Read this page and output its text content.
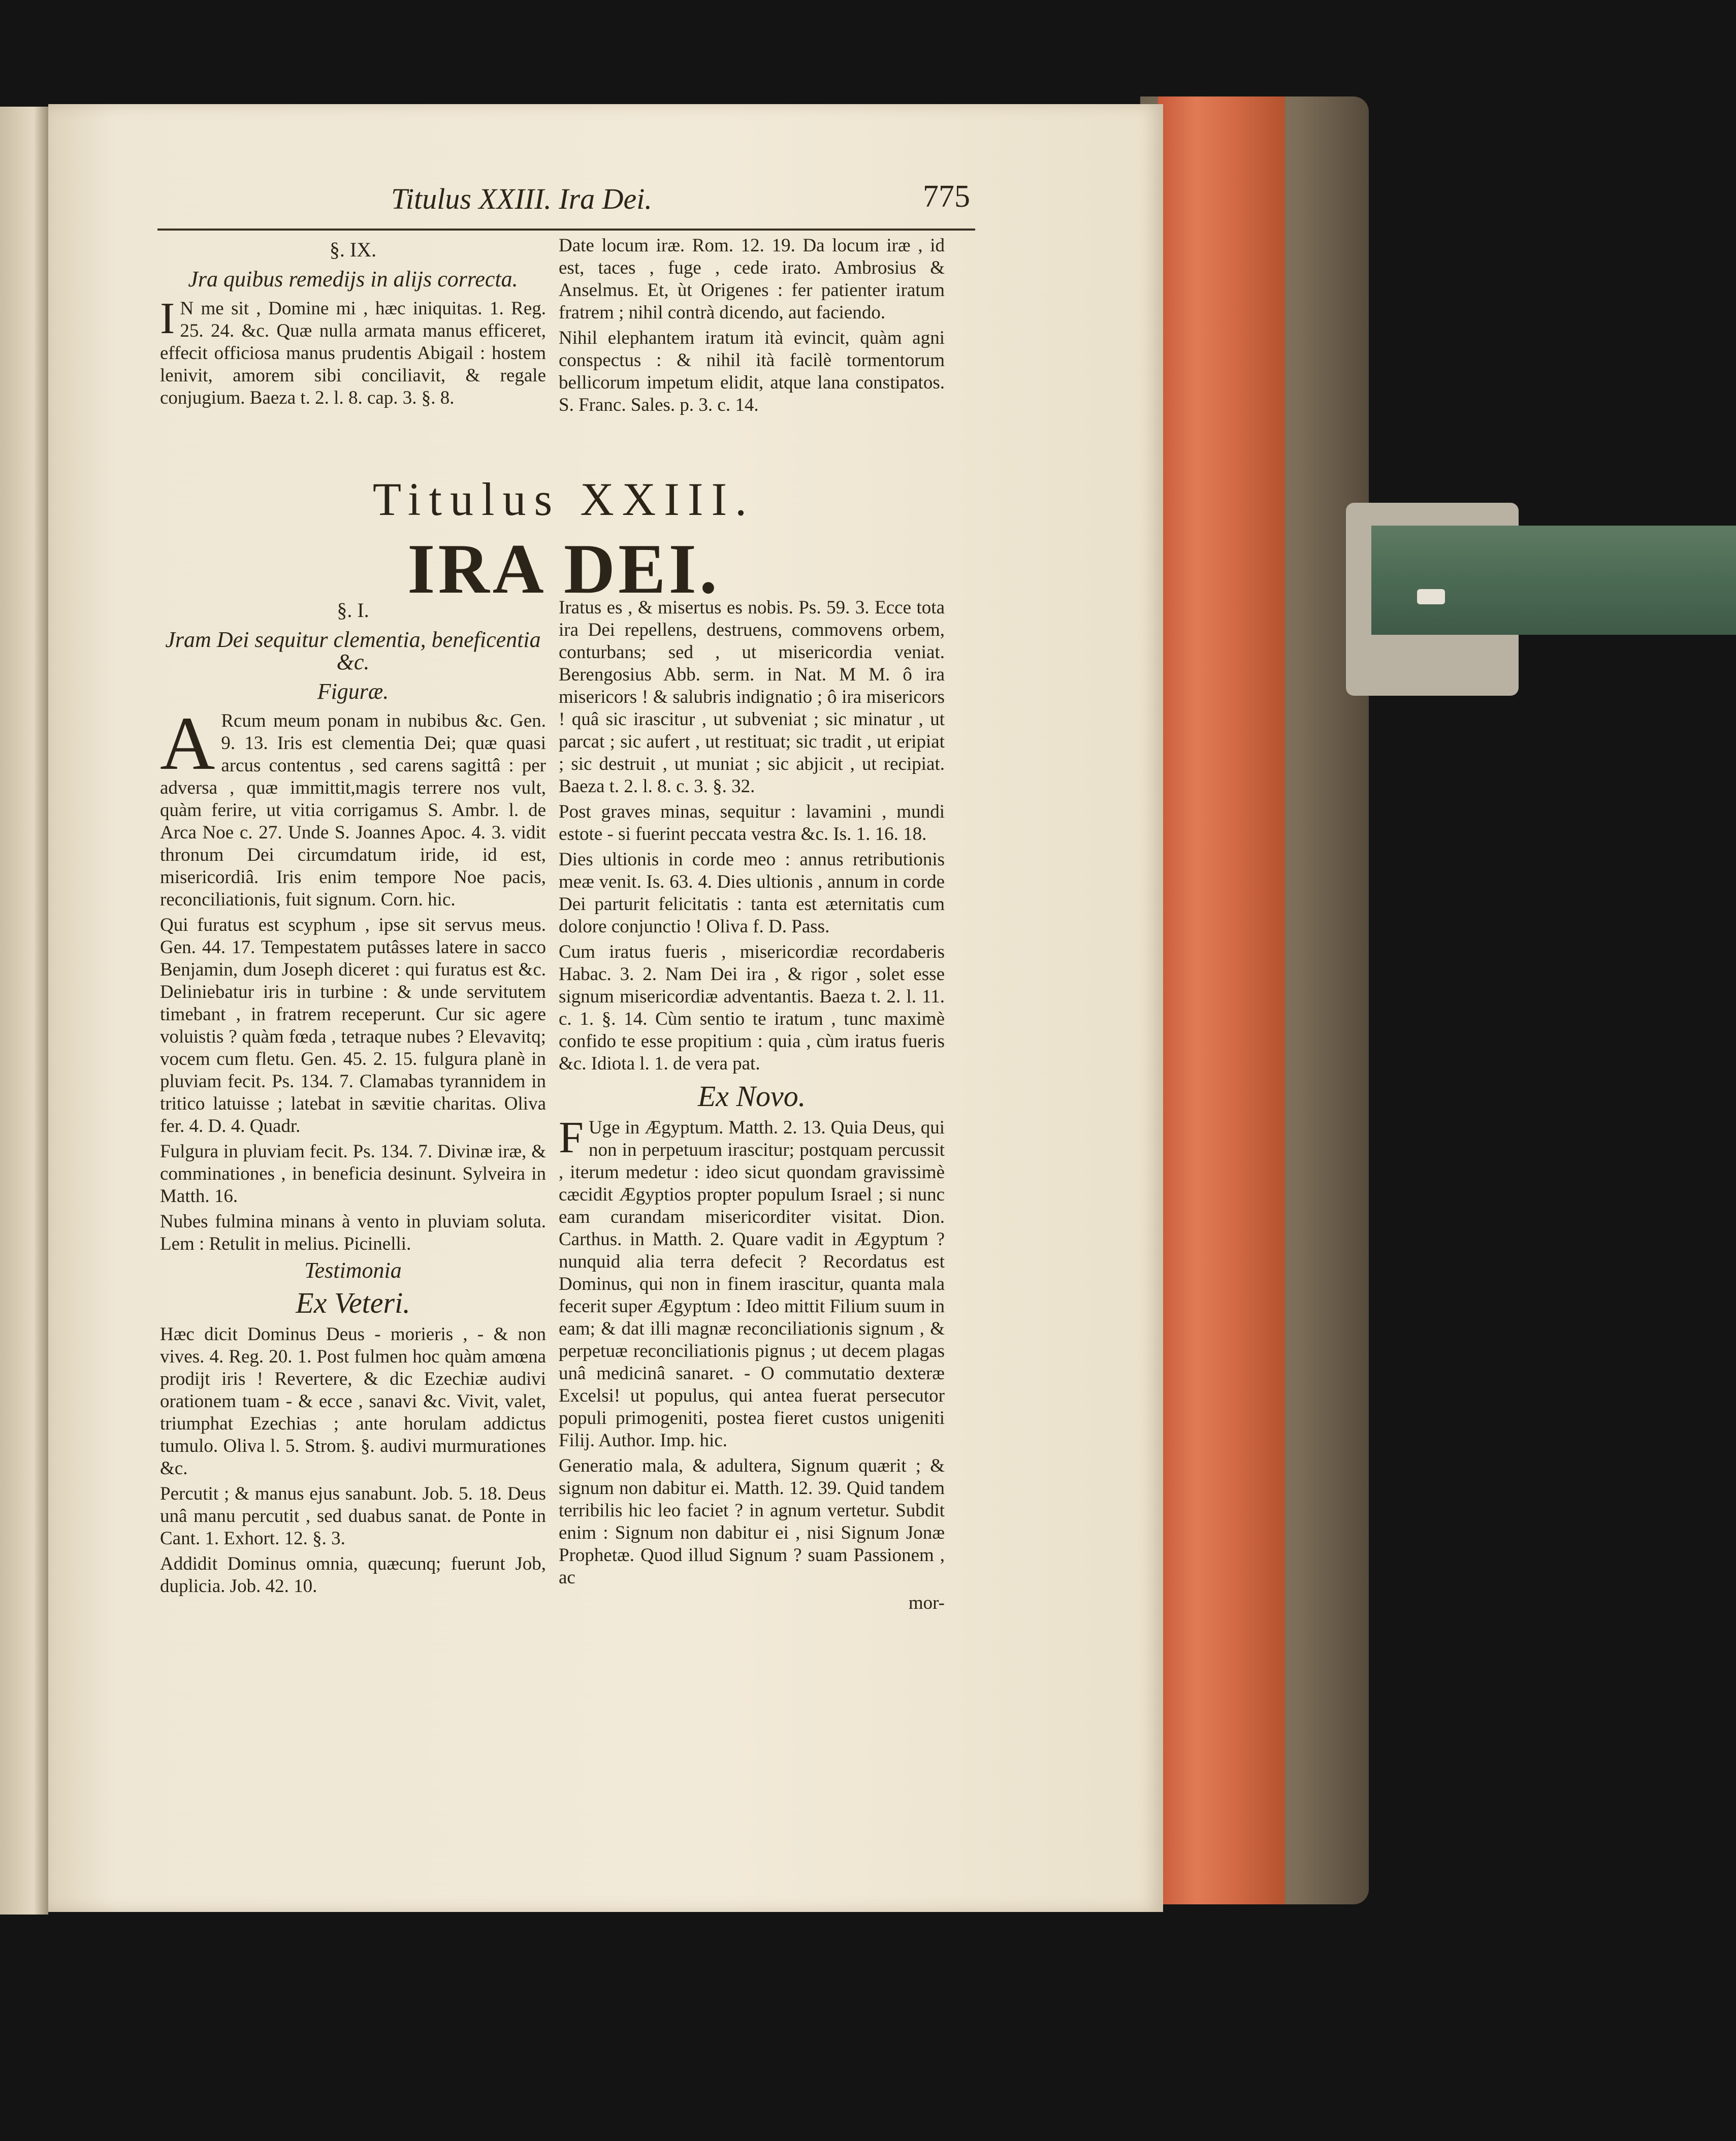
Titulus XXIII. Ira Dei.	775
§. IX.
Jra quibus remedijs in alijs correcta.

I N me sit , Domine mi , hæc iniquitas. 1. Reg. 25. 24. &c. Quæ nulla armata manus efficeret, effecit officiosa manus prudentis Abigail : hostem lenivit, amorem sibi conciliavit, & regale conjugium. Baeza t. 2. l. 8. cap. 3. §. 8.

Date locum iræ. Rom. 12. 19. Da locum iræ , id est, taces , fuge , cede irato. Ambrosius & Anselmus. Et, ùt Origenes : fer patienter iratum fratrem ; nihil contrà dicendo, aut faciendo.

Nihil elephantem iratum ità evincit, quàm agni conspectus : & nihil ità facilè tormentorum bellicorum impetum elidit, atque lana constipatos. S. Franc. Sales. p. 3. c. 14.

Titulus XXIII.
IRA DEI.
§. I.
Jram Dei sequitur clementia, beneficentia &c.
Figuræ.

A Rcum meum ponam in nubibus &c. Gen. 9. 13. Iris est clementia Dei; quæ quasi arcus contentus , sed carens sagittâ : per adversa , quæ immittit,magis terrere nos vult, quàm ferire, ut vitia corrigamus S. Ambr. l. de Arca Noe c. 27. Unde S. Joannes Apoc. 4. 3. vidit thronum Dei circumdatum iride, id est, misericordiâ. Iris enim tempore Noe pacis, reconciliationis, fuit signum. Corn. hic.

Qui furatus est scyphum , ipse sit servus meus. Gen. 44. 17. Tempestatem putâsses latere in sacco Benjamin, dum Joseph diceret : qui furatus est &c. Deliniebatur iris in turbine : & unde servitutem timebant , in fratrem receperunt. Cur sic agere voluistis ? quàm fœda , tetraque nubes ? Elevavitq; vocem cum fletu. Gen. 45. 2. 15. fulgura planè in pluviam fecit. Ps. 134. 7. Clamabas tyrannidem in tritico latuisse ; latebat in sævitie charitas. Oliva fer. 4. D. 4. Quadr.

Fulgura in pluviam fecit. Ps. 134. 7. Divinæ iræ, & comminationes , in beneficia desinunt. Sylveira in Matth. 16.

Nubes fulmina minans à vento in pluviam soluta. Lem : Retulit in melius. Picinelli.

Testimonia
Ex Veteri.

Hæc dicit Dominus Deus - morieris , - & non vives. 4. Reg. 20. 1. Post fulmen hoc quàm amœna prodijt iris ! Revertere, & dic Ezechiæ audivi orationem tuam - & ecce , sanavi &c. Vivit, valet, triumphat Ezechias ; ante horulam addictus tumulo. Oliva l. 5. Strom. §. audivi murmurationes &c.

Percutit ; & manus ejus sanabunt. Job. 5. 18. Deus unâ manu percutit , sed duabus sanat. de Ponte in Cant. 1. Exhort. 12. §. 3.

Addidit Dominus omnia, quæcunq; fuerunt Job, duplicia. Job. 42. 10.

Iratus es , & misertus es nobis. Ps. 59. 3. Ecce tota ira Dei repellens, destruens, commovens orbem, conturbans; sed , ut misericordia veniat. Berengosius Abb. serm. in Nat. M M. ô ira misericors ! & salubris indignatio ; ô ira misericors ! quâ sic irascitur , ut subveniat ; sic minatur , ut parcat ; sic aufert , ut restituat; sic tradit , ut eripiat ; sic destruit , ut muniat ; sic abjicit , ut recipiat. Baeza t. 2. l. 8. c. 3. §. 32.

Post graves minas, sequitur : lavamini , mundi estote - si fuerint peccata vestra &c. Is. 1. 16. 18.

Dies ultionis in corde meo : annus retributionis meæ venit. Is. 63. 4. Dies ultionis , annum in corde Dei parturit felicitatis : tanta est æternitatis cum dolore conjunctio ! Oliva f. D. Pass.

Cum iratus fueris , misericordiæ recordaberis Habac. 3. 2. Nam Dei ira , & rigor , solet esse signum misericordiæ adventantis. Baeza t. 2. l. 11. c. 1. §. 14. Cùm sentio te iratum , tunc maximè confido te esse propitium : quia , cùm iratus fueris &c. Idiota l. 1. de vera pat.

Ex Novo.

F Uge in Ægyptum. Matth. 2. 13. Quia Deus, qui non in perpetuum irascitur; postquam percussit , iterum medetur : ideo sicut quondam gravissimè cæcidit Ægyptios propter populum Israel ; si nunc eam curandam misericorditer visitat. Dion. Carthus. in Matth. 2. Quare vadit in Ægyptum ? nunquid alia terra defecit ? Recordatus est Dominus, qui non in finem irascitur, quanta mala fecerit super Ægyptum : Ideo mittit Filium suum in eam; & dat illi magnæ reconciliationis signum , & perpetuæ reconciliationis pignus ; ut decem plagas unâ medicinâ sanaret. - O commutatio dexteræ Excelsi! ut populus, qui antea fuerat persecutor populi primogeniti, postea fieret custos unigeniti Filij. Author. Imp. hic.

Generatio mala, & adultera, Signum quærit ; & signum non dabitur ei. Matth. 12. 39. Quid tandem terribilis hic leo faciet ? in agnum vertetur. Subdit enim : Signum non dabitur ei , nisi Signum Jonæ Prophetæ. Quod illud Signum ? suam Passionem , ac

mor-
